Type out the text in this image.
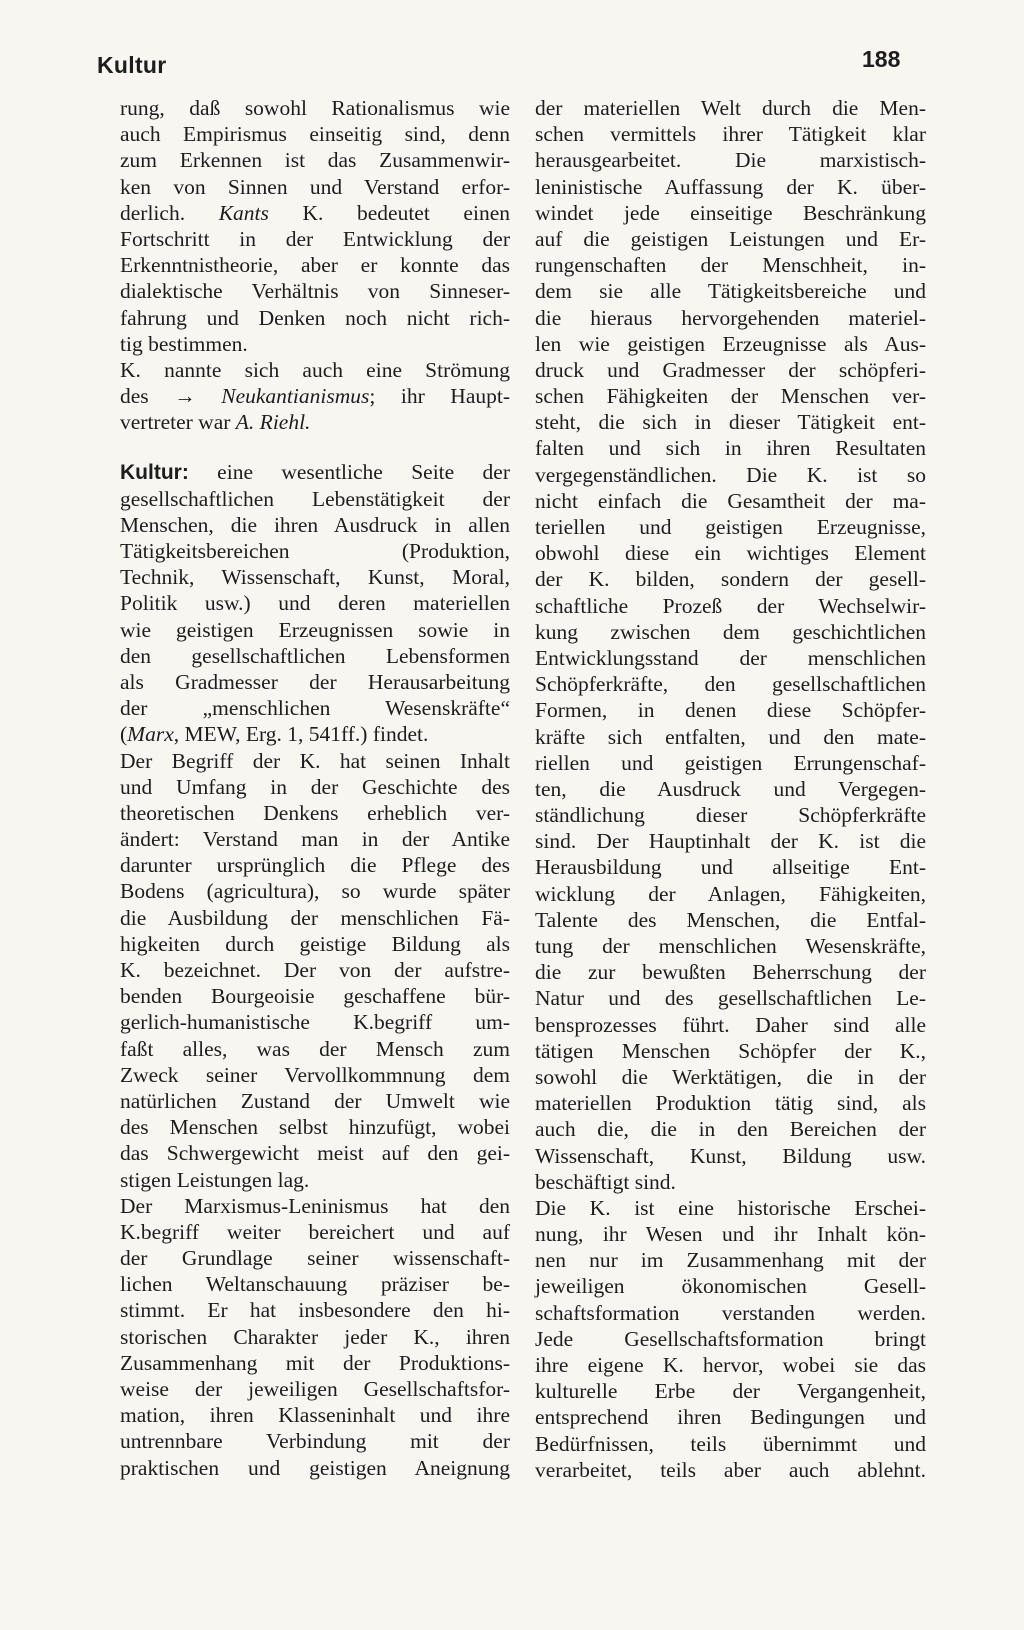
Kultur	188
rung, daß sowohl Rationalismus wie
auch Empirismus einseitig sind, denn
zum Erkennen ist das Zusammenwir-
ken von Sinnen und Verstand erfor-
derlich. Kants K. bedeutet einen
Fortschritt in der Entwicklung der
Erkenntnistheorie, aber er konnte das
dialektische Verhältnis von Sinneser-
fahrung und Denken noch nicht rich-
tig bestimmen.
K. nannte sich auch eine Strömung
des → Neukantianismus; ihr Haupt-
vertreter war A. Riehl.
Kultur: eine wesentliche Seite der
gesellschaftlichen Lebenstätigkeit der
Menschen, die ihren Ausdruck in allen
Tätigkeitsbereichen (Produktion,
Technik, Wissenschaft, Kunst, Moral,
Politik usw.) und deren materiellen
wie geistigen Erzeugnissen sowie in
den gesellschaftlichen Lebensformen
als Gradmesser der Herausarbeitung
der „menschlichen Wesenskräfte“
(Marx, MEW, Erg. 1, 541ff.) findet.
Der Begriff der K. hat seinen Inhalt
und Umfang in der Geschichte des
theoretischen Denkens erheblich ver-
ändert: Verstand man in der Antike
darunter ursprünglich die Pflege des
Bodens (agricultura), so wurde später
die Ausbildung der menschlichen Fä-
higkeiten durch geistige Bildung als
K. bezeichnet. Der von der aufstre-
benden Bourgeoisie geschaffene bür-
gerlich-humanistische K.begriff um-
faßt alles, was der Mensch zum
Zweck seiner Vervollkommnung dem
natürlichen Zustand der Umwelt wie
des Menschen selbst hinzufügt, wobei
das Schwergewicht meist auf den gei-
stigen Leistungen lag.
Der Marxismus-Leninismus hat den
K.begriff weiter bereichert und auf
der Grundlage seiner wissenschaft-
lichen Weltanschauung präziser be-
stimmt. Er hat insbesondere den hi-
storischen Charakter jeder K., ihren
Zusammenhang mit der Produktions-
weise der jeweiligen Gesellschaftsfor-
mation, ihren Klasseninhalt und ihre
untrennbare Verbindung mit der
praktischen und geistigen Aneignung
der materiellen Welt durch die Men-
schen vermittels ihrer Tätigkeit klar
herausgearbeitet. Die marxistisch-
leninistische Auffassung der K. über-
windet jede einseitige Beschränkung
auf die geistigen Leistungen und Er-
rungenschaften der Menschheit, in-
dem sie alle Tätigkeitsbereiche und
die hieraus hervorgehenden materiel-
len wie geistigen Erzeugnisse als Aus-
druck und Gradmesser der schöpferi-
schen Fähigkeiten der Menschen ver-
steht, die sich in dieser Tätigkeit ent-
falten und sich in ihren Resultaten
vergegenständlichen. Die K. ist so
nicht einfach die Gesamtheit der ma-
teriellen und geistigen Erzeugnisse,
obwohl diese ein wichtiges Element
der K. bilden, sondern der gesell-
schaftliche Prozeß der Wechselwir-
kung zwischen dem geschichtlichen
Entwicklungsstand der menschlichen
Schöpferkräfte, den gesellschaftlichen
Formen, in denen diese Schöpfer-
kräfte sich entfalten, und den mate-
riellen und geistigen Errungenschaf-
ten, die Ausdruck und Vergegen-
ständlichung dieser Schöpferkräfte
sind. Der Hauptinhalt der K. ist die
Herausbildung und allseitige Ent-
wicklung der Anlagen, Fähigkeiten,
Talente des Menschen, die Entfal-
tung der menschlichen Wesenskräfte,
die zur bewußten Beherrschung der
Natur und des gesellschaftlichen Le-
bensprozesses führt. Daher sind alle
tätigen Menschen Schöpfer der K.,
sowohl die Werktätigen, die in der
materiellen Produktion tätig sind, als
auch die, die in den Bereichen der
Wissenschaft, Kunst, Bildung usw.
beschäftigt sind.
Die K. ist eine historische Erschei-
nung, ihr Wesen und ihr Inhalt kön-
nen nur im Zusammenhang mit der
jeweiligen ökonomischen Gesell-
schaftsformation verstanden werden.
Jede Gesellschaftsformation bringt
ihre eigene K. hervor, wobei sie das
kulturelle Erbe der Vergangenheit,
entsprechend ihren Bedingungen und
Bedürfnissen, teils übernimmt und
verarbeitet, teils aber auch ablehnt.
